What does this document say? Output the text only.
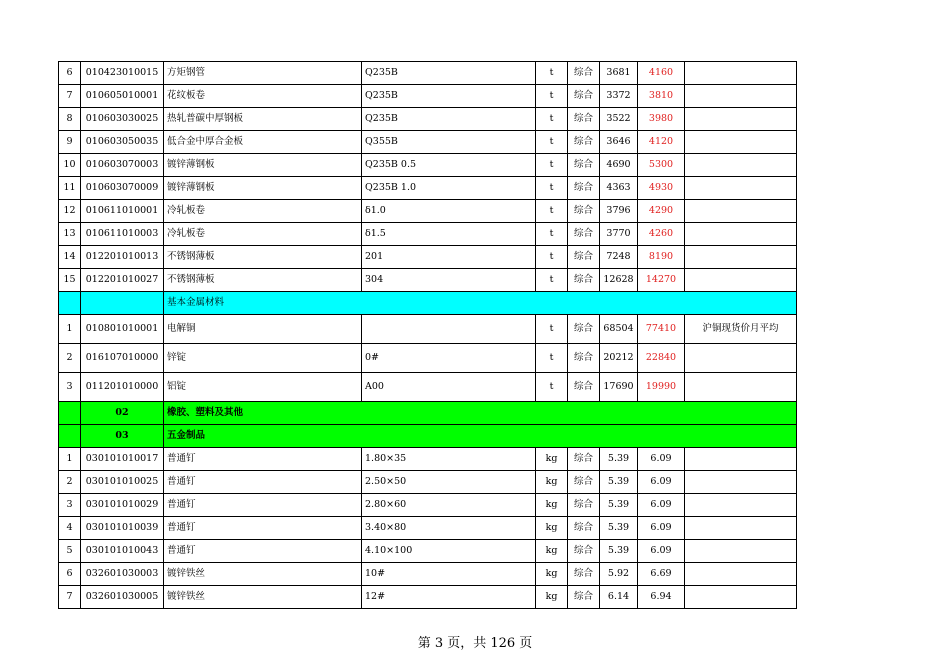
6	010423010015	方矩钢管	Q235B	t	综合	3681	4160	
7	010605010001	花纹板卷	Q235B	t	综合	3372	3810	
8	010603030025	热轧普碳中厚钢板	Q235B	t	综合	3522	3980	
9	010603050035	低合金中厚合金板	Q355B	t	综合	3646	4120	
10	010603070003	镀锌薄钢板	Q235B 0.5	t	综合	4690	5300	
11	010603070009	镀锌薄钢板	Q235B 1.0	t	综合	4363	4930	
12	010611010001	冷轧板卷	δ1.0	t	综合	3796	4290	
13	010611010003	冷轧板卷	δ1.5	t	综合	3770	4260	
14	012201010013	不锈钢薄板	201	t	综合	7248	8190	
15	012201010027	不锈钢薄板	304	t	综合	12628	14270	
		基本金属材料						
1	010801010001	电解铜		t	综合	68504	77410	沪铜现货价月平均
2	016107010000	锌锭	0#	t	综合	20212	22840	
3	011201010000	铝锭	A00	t	综合	17690	19990	
	02	橡胶、塑料及其他						
	03	五金制品						
1	030101010017	普通钉	1.80×35	kg	综合	5.39	6.09	
2	030101010025	普通钉	2.50×50	kg	综合	5.39	6.09	
3	030101010029	普通钉	2.80×60	kg	综合	5.39	6.09	
4	030101010039	普通钉	3.40×80	kg	综合	5.39	6.09	
5	030101010043	普通钉	4.10×100	kg	综合	5.39	6.09	
6	032601030003	镀锌铁丝	10#	kg	综合	5.92	6.69	
7	032601030005	镀锌铁丝	12#	kg	综合	6.14	6.94	
第 3 页，共 126 页
